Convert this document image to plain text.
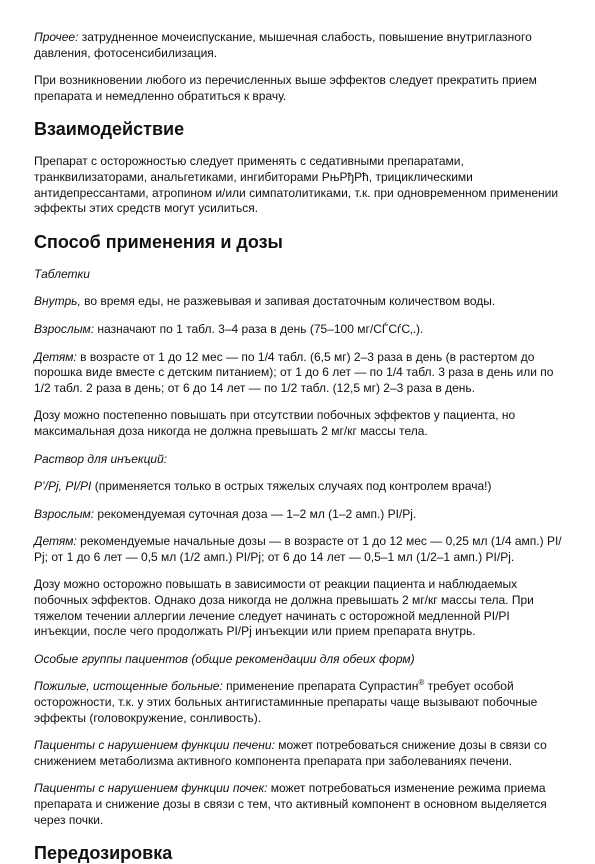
Прочее: затрудненное мочеиспускание, мышечная слабость, повышение внутриглазного давления, фотосенсибилизация.

При возникновении любого из перечисленных выше эффектов следует прекратить прием препарата и немедленно обратиться к врачу.

Взаимодействие

Препарат с осторожностью следует применять с седативными препаратами, транквилизаторами, анальгетиками, ингибиторами РњРђРћ, трициклическими антидепрессантами, атропином и/или симпатолитиками, т.к. при одновременном применении эффекты этих средств могут усилиться.

Способ применения и дозы

Таблетки

Внутрь, во время еды, не разжевывая и запивая достаточным количеством воды.

Взрослым: назначают по 1 табл. 3–4 раза в день (75–100 мг/СЃСѓС‚.).

Детям: в возрасте от 1 до 12 мес — по 1/4 табл. (6,5 мг) 2–3 раза в день (в растертом до порошка виде вместе с детским питанием); от 1 до 6 лет — по 1/4 табл. 3 раза в день или по 1/2 табл. 2 раза в день; от 6 до 14 лет — по 1/2 табл. (12,5 мг) 2–3 раза в день.

Дозу можно постепенно повышать при отсутствии побочных эффектов у пациента, но максимальная доза никогда не должна превышать 2 мг/кг массы тела.

Раствор для инъекций:

Р’/Рј, РІ/РІ (применяется только в острых тяжелых случаях под контролем врача!)

Взрослым: рекомендуемая суточная доза — 1–2 мл (1–2 амп.) РІ/Рј.

Детям: рекомендуемые начальные дозы — в возрасте от 1 до 12 мес — 0,25 мл (1/4 амп.) РІ/Рј; от 1 до 6 лет — 0,5 мл (1/2 амп.) РІ/Рј; от 6 до 14 лет — 0,5–1 мл (1/2–1 амп.) РІ/Рј.

Дозу можно осторожно повышать в зависимости от реакции пациента и наблюдаемых побочных эффектов. Однако доза никогда не должна превышать 2 мг/кг массы тела. При тяжелом течении аллергии лечение следует начинать с осторожной медленной РІ/РІ инъекции, после чего продолжать РІ/Рј инъекции или прием препарата внутрь.

Особые группы пациентов (общие рекомендации для обеих форм)

Пожилые, истощенные больные: применение препарата Супрастин® требует особой осторожности, т.к. у этих больных антигистаминные препараты чаще вызывают побочные эффекты (головокружение, сонливость).

Пациенты с нарушением функции печени: может потребоваться снижение дозы в связи со снижением метаболизма активного компонента препарата при заболеваниях печени.

Пациенты с нарушением функции почек: может потребоваться изменение режима приема препарата и снижение дозы в связи с тем, что активный компонент в основном выделяется через почки.

Передозировка
